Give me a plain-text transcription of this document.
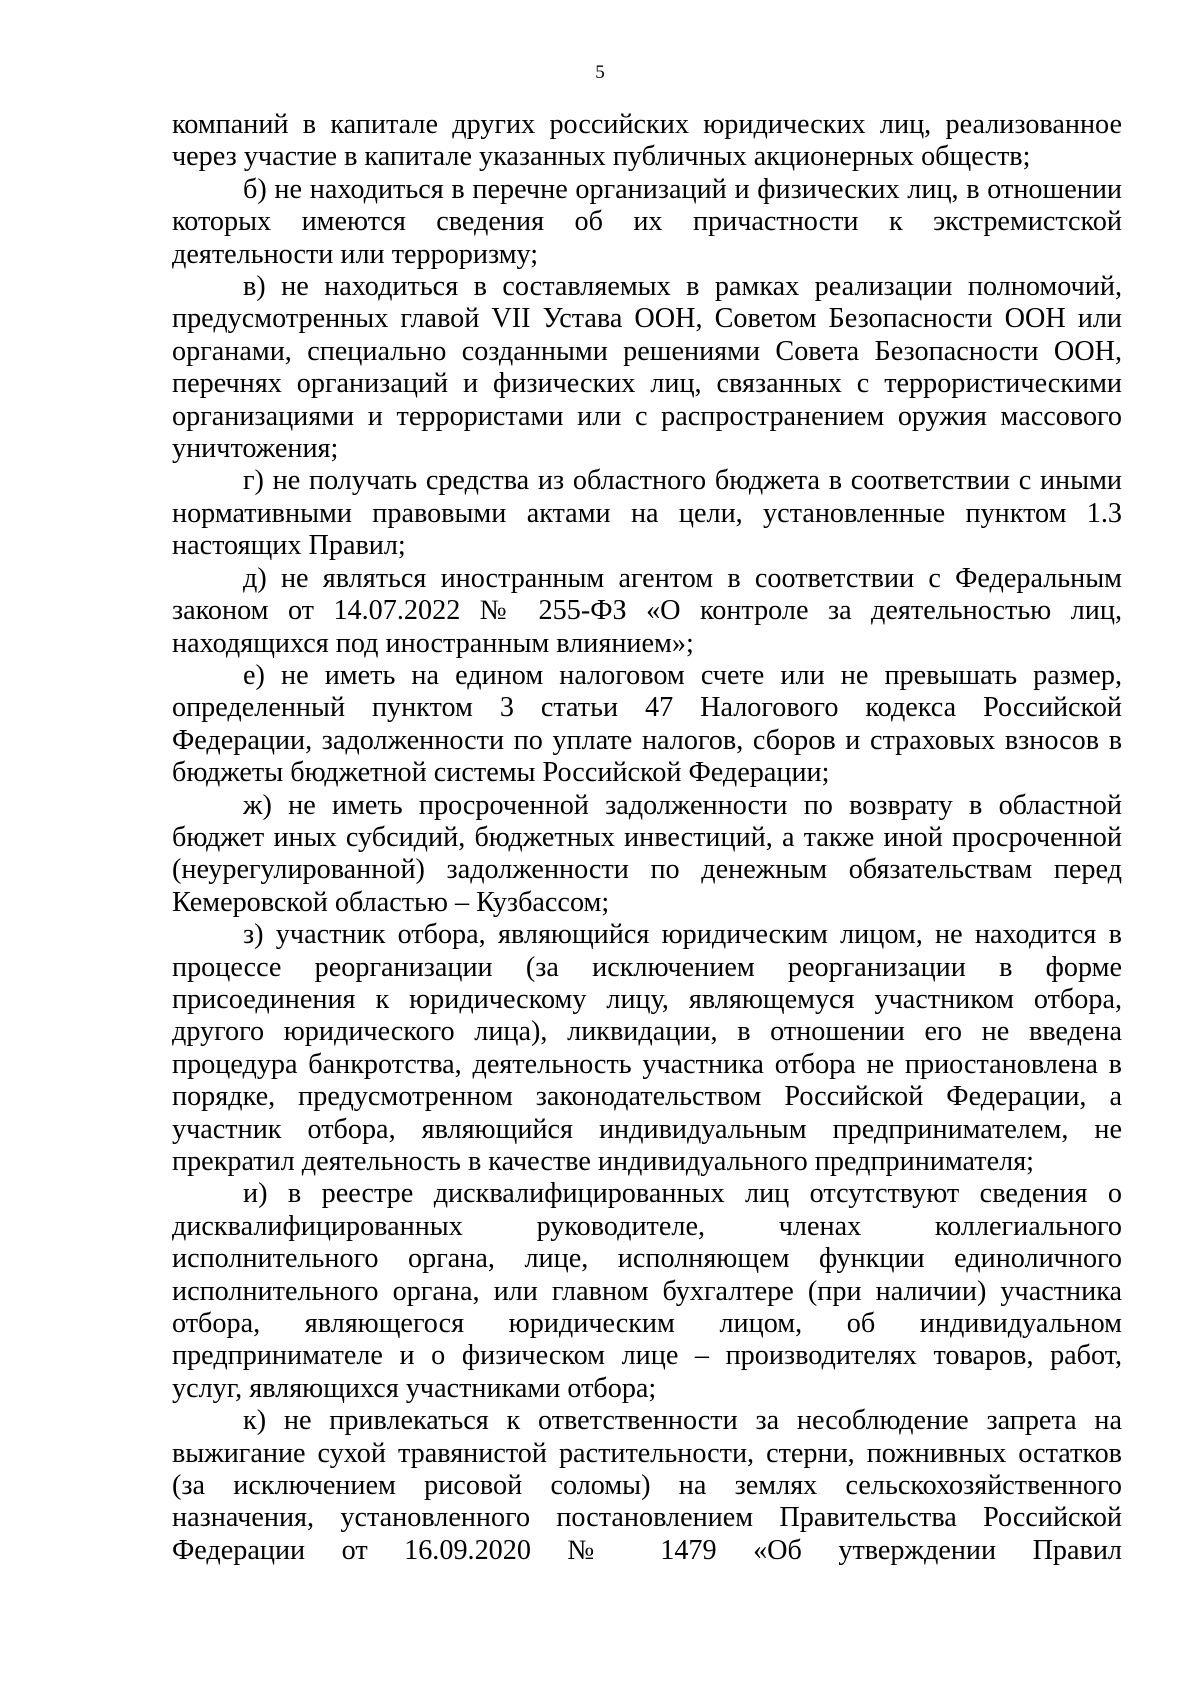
5

компаний в капитале других российских юридических лиц, реализованное через участие в капитале указанных публичных акционерных обществ;

б) не находиться в перечне организаций и физических лиц, в отношении которых имеются сведения об их причастности к экстремистской деятельности или терроризму;

в) не находиться в составляемых в рамках реализации полномочий, предусмотренных главой VII Устава ООН, Советом Безопасности ООН или органами, специально созданными решениями Совета Безопасности ООН, перечнях организаций и физических лиц, связанных с террористическими организациями и террористами или с распространением оружия массового уничтожения;

г) не получать средства из областного бюджета в соответствии с иными нормативными правовыми актами на цели, установленные пунктом 1.3 настоящих Правил;

д) не являться иностранным агентом в соответствии с Федеральным законом от 14.07.2022 № 255-ФЗ «О контроле за деятельностью лиц, находящихся под иностранным влиянием»;

е) не иметь на едином налоговом счете или не превышать размер, определенный пунктом 3 статьи 47 Налогового кодекса Российской Федерации, задолженности по уплате налогов, сборов и страховых взносов в бюджеты бюджетной системы Российской Федерации;

ж) не иметь просроченной задолженности по возврату в областной бюджет иных субсидий, бюджетных инвестиций, а также иной просроченной (неурегулированной) задолженности по денежным обязательствам перед Кемеровской областью – Кузбассом;

з) участник отбора, являющийся юридическим лицом, не находится в процессе реорганизации (за исключением реорганизации в форме присоединения к юридическому лицу, являющемуся участником отбора, другого юридического лица), ликвидации, в отношении его не введена процедура банкротства, деятельность участника отбора не приостановлена в порядке, предусмотренном законодательством Российской Федерации, а участник отбора, являющийся индивидуальным предпринимателем, не прекратил деятельность в качестве индивидуального предпринимателя;

и) в реестре дисквалифицированных лиц отсутствуют сведения о дисквалифицированных руководителе, членах коллегиального исполнительного органа, лице, исполняющем функции единоличного исполнительного органа, или главном бухгалтере (при наличии) участника отбора, являющегося юридическим лицом, об индивидуальном предпринимателе и о физическом лице – производителях товаров, работ, услуг, являющихся участниками отбора;

к) не привлекаться к ответственности за несоблюдение запрета на выжигание сухой травянистой растительности, стерни, пожнивных остатков (за исключением рисовой соломы) на землях сельскохозяйственного назначения, установленного постановлением Правительства Российской Федерации от 16.09.2020 № 1479 «Об утверждении Правил
